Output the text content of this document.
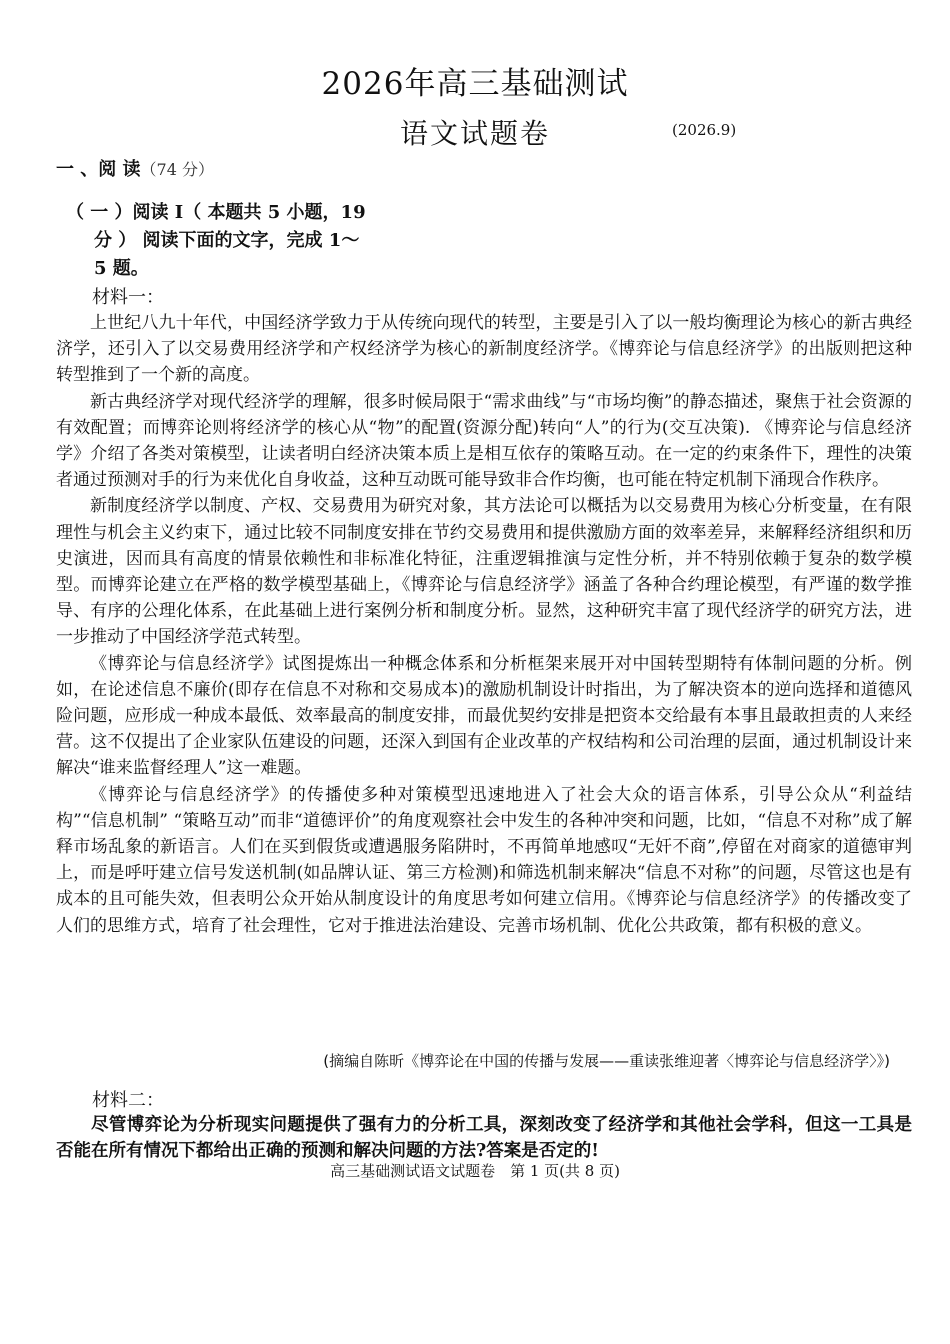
2026年高三基础测试
语文试题卷	(2026.9)
一 、阅 读（74 分）
（ 一 ）阅读 I（ 本题共 5 小题，19
分 ） 阅读下面的文字，完成 1～
5 题。
材料一：

上世纪八九十年代，中国经济学致力于从传统向现代的转型，主要是引入了以一般均衡理论为核心的新古典经济学，还引入了以交易费用经济学和产权经济学为核心的新制度经济学。《博弈论与信息经济学》的出版则把这种转型推到了一个新的高度。

新古典经济学对现代经济学的理解，很多时候局限于“需求曲线”与“市场均衡”的静态描述，聚焦于社会资源的有效配置；而博弈论则将经济学的核心从“物”的配置(资源分配)转向“人”的行为(交互决策). 《博弈论与信息经济学》介绍了各类对策模型，让读者明白经济决策本质上是相互依存的策略互动。在一定的约束条件下，理性的决策者通过预测对手的行为来优化自身收益，这种互动既可能导致非合作均衡，也可能在特定机制下涌现合作秩序。

新制度经济学以制度、产权、交易费用为研究对象，其方法论可以概括为以交易费用为核心分析变量，在有限理性与机会主义约束下，通过比较不同制度安排在节约交易费用和提供激励方面的效率差异，来解释经济组织和历史演进，因而具有高度的情景依赖性和非标准化特征，注重逻辑推演与定性分析，并不特别依赖于复杂的数学模型。而博弈论建立在严格的数学模型基础上，《博弈论与信息经济学》涵盖了各种合约理论模型，有严谨的数学推导、有序的公理化体系，在此基础上进行案例分析和制度分析。显然，这种研究丰富了现代经济学的研究方法，进一步推动了中国经济学范式转型。

《博弈论与信息经济学》试图提炼出一种概念体系和分析框架来展开对中国转型期特有体制问题的分析。例如，在论述信息不廉价(即存在信息不对称和交易成本)的激励机制设计时指出，为了解决资本的逆向选择和道德风险问题，应形成一种成本最低、效率最高的制度安排，而最优契约安排是把资本交给最有本事且最敢担责的人来经营。这不仅提出了企业家队伍建设的问题，还深入到国有企业改革的产权结构和公司治理的层面，通过机制设计来解决“谁来监督经理人”这一难题。

《博弈论与信息经济学》的传播使多种对策模型迅速地进入了社会大众的语言体系，引导公众从“利益结构”“信息机制” “策略互动”而非“道德评价”的角度观察社会中发生的各种冲突和问题，比如，“信息不对称”成了解释市场乱象的新语言。人们在买到假货或遭遇服务陷阱时，不再简单地感叹“无奸不商”,停留在对商家的道德审判上，而是呼吁建立信号发送机制(如品牌认证、第三方检测)和筛选机制来解决“信息不对称”的问题，尽管这也是有成本的且可能失效，但表明公众开始从制度设计的角度思考如何建立信用。《博弈论与信息经济学》的传播改变了人们的思维方式，培育了社会理性，它对于推进法治建设、完善市场机制、优化公共政策，都有积极的意义。

(摘编自陈昕《博弈论在中国的传播与发展——重读张维迎著〈博弈论与信息经济学〉》)
材料二：

尽管博弈论为分析现实问题提供了强有力的分析工具，深刻改变了经济学和其他社会学科，但这一工具是否能在所有情况下都给出正确的预测和解决问题的方法?答案是否定的!

高三基础测试语文试题卷　第 1 页(共 8 页)
